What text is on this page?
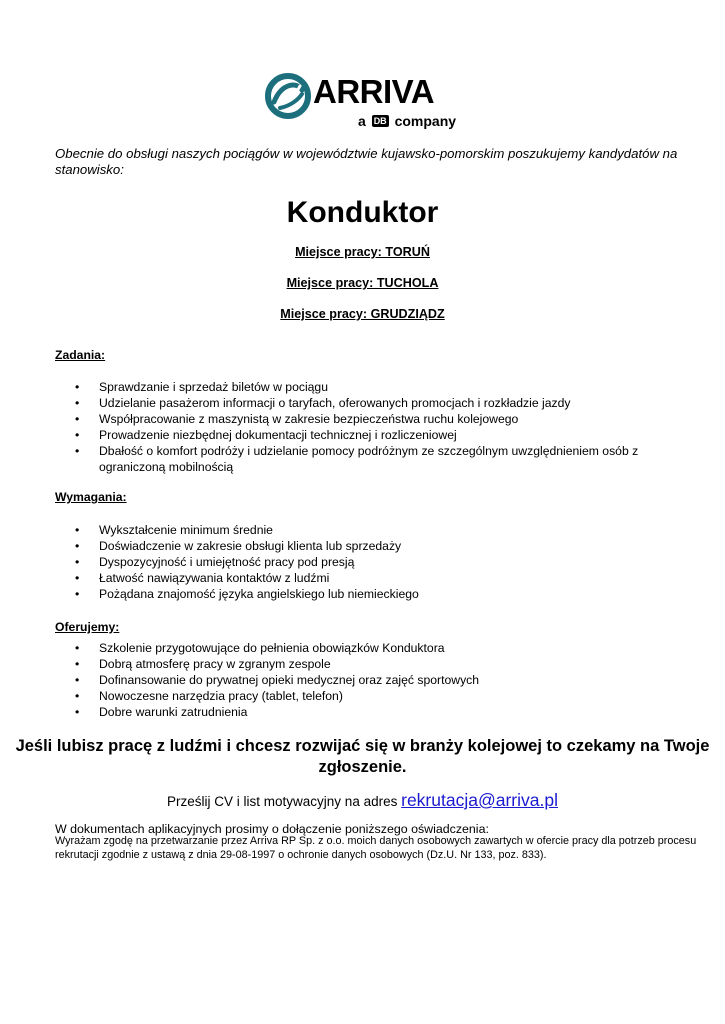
ARRIVA
a DB company
Obecnie do obsługi naszych pociągów w województwie kujawsko-pomorskim poszukujemy kandydatów na stanowisko:
Konduktor
Miejsce pracy: TORUŃ
Miejsce pracy: TUCHOLA
Miejsce pracy: GRUDZIĄDZ
Zadania:
• Sprawdzanie i sprzedaż biletów w pociągu
• Udzielanie pasażerom informacji o taryfach, oferowanych promocjach i rozkładzie jazdy
• Współpracowanie z maszynistą w zakresie bezpieczeństwa ruchu kolejowego
• Prowadzenie niezbędnej dokumentacji technicznej i rozliczeniowej
• Dbałość o komfort podróży i udzielanie pomocy podróżnym ze szczególnym uwzględnieniem osób z ograniczoną mobilnością
Wymagania:
• Wykształcenie minimum średnie
• Doświadczenie w zakresie obsługi klienta lub sprzedaży
• Dyspozycyjność i umiejętność pracy pod presją
• Łatwość nawiązywania kontaktów z ludźmi
• Pożądana znajomość języka angielskiego lub niemieckiego
Oferujemy:
• Szkolenie przygotowujące do pełnienia obowiązków Konduktora
• Dobrą atmosferę pracy w zgranym zespole
• Dofinansowanie do prywatnej opieki medycznej oraz zajęć sportowych
• Nowoczesne narzędzia pracy (tablet, telefon)
• Dobre warunki zatrudnienia
Jeśli lubisz pracę z ludźmi i chcesz rozwijać się w branży kolejowej to czekamy na Twoje zgłoszenie.
Prześlij CV i list motywacyjny na adres rekrutacja@arriva.pl
W dokumentach aplikacyjnych prosimy o dołączenie poniższego oświadczenia:
Wyrażam zgodę na przetwarzanie przez Arriva RP Sp. z o.o. moich danych osobowych zawartych w ofercie pracy dla potrzeb procesu rekrutacji zgodnie z ustawą z dnia 29-08-1997 o ochronie danych osobowych (Dz.U. Nr 133, poz. 833).
